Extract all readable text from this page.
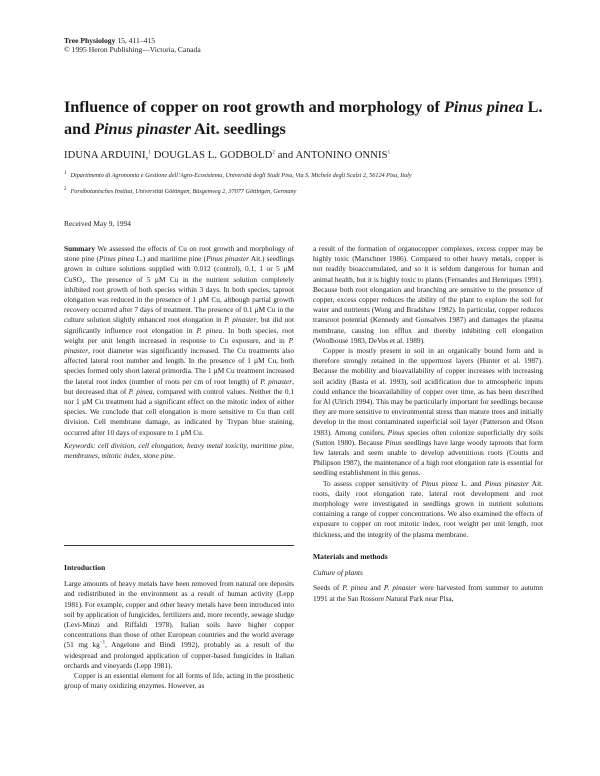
Tree Physiology 15, 411–415
© 1995 Heron Publishing—Victoria, Canada
Influence of copper on root growth and morphology of Pinus pinea L. and Pinus pinaster Ait. seedlings
IDUNA ARDUINI,$^1$ DOUGLAS L. GODBOLD$^2$ and ANTONINO ONNIS$^1$
$^1$ Dipartimento di Agronomia e Gestione dell’Agro-Ecosistema, Università degli Studi Pisa, Via S. Michele degli Scalzi 2, 56124 Pisa, Italy
$^2$ Forstbotanisches Institut, Universität Göttingen, Büsgenweg 2, 37077 Göttingen, Germany
Received May 9, 1994

Summary We assessed the effects of Cu on root growth and morphology of stone pine (Pinus pinea L.) and maritime pine (Pinus pinaster Ait.) seedlings grown in culture solutions supplied with 0.012 (control), 0.1, 1 or 5 µM CuSO₄. The presence of 5 µM Cu in the nutrient solution completely inhibited root growth of both species within 3 days. In both species, taproot elongation was reduced in the presence of 1 µM Cu, although partial growth recovery occurred after 7 days of treatment. The presence of 0.1 µM Cu in the culture solution slightly enhanced root elongation in P. pinaster, but did not significantly influence root elongation in P. pinea. In both species, root weight per unit length increased in response to Cu exposure, and in P. pinaster, root diameter was significantly increased. The Cu treatments also affected lateral root number and length. In the presence of 1 µM Cu, both species formed only short lateral primordia. The 1 µM Cu treatment increased the lateral root index (number of roots per cm of root length) of P. pinaster, but decreased that of P. pinea, compared with control values. Neither the 0.1 nor 1 µM Cu treatment had a significant effect on the mitotic index of either species. We conclude that cell elongation is more sensitive to Cu than cell division. Cell membrane damage, as indicated by Trypan blue staining, occurred after 10 days of exposure to 1 µM Cu.

Keywords: cell division, cell elongation, heavy metal toxicity, maritime pine, membranes, mitotic index, stone pine.

Introduction

Large amounts of heavy metals have been removed from natural ore deposits and redistributed in the environment as a result of human activity (Lepp 1981). For example, copper and other heavy metals have been introduced into soil by application of fungicides, fertilizers and, more recently, sewage sludge (Levi-Minzi and Riffaldi 1978). Italian soils have higher copper concentrations than those of other European countries and the world average (51 mg $kg^{-1}$, Angelone and Bindi 1992), probably as a result of the widespread and prolonged application of copper-based fungicides in Italian orchards and vineyards (Lepp 1981).

Copper is an essential element for all forms of life, acting in the prosthetic group of many oxidizing enzymes. However, as

a result of the formation of organocopper complexes, excess copper may be highly toxic (Marschner 1986). Compared to other heavy metals, copper is not readily bioaccumulated, and so it is seldom dangerous for human and animal health, but it is highly toxic to plants (Fernandes and Henriques 1991). Because both root elongation and branching are sensitive to the presence of copper, excess copper reduces the ability of the plant to explore the soil for water and nutrients (Wong and Bradshaw 1982). In particular, copper reduces transroot potential (Kennedy and Gonsalves 1987) and damages the plasma membrane, causing ion efflux and thereby inhibiting cell elongation (Woolhouse 1983, DeVos et al. 1989).

Copper is mostly present in soil in an organically bound form and is therefore strongly retained in the uppermost layers (Hunter et al. 1987). Because the mobility and bioavailability of copper increases with increasing soil acidity (Basta et al. 1993), soil acidification due to atmospheric inputs could enhance the bioavailability of copper over time, as has been described for Al (Ulrich 1994). This may be particularly important for seedlings because they are more sensitive to environmental stress than mature trees and initially develop in the most contaminated superficial soil layer (Patterson and Olson 1983). Among conifers, Pinus species often colonize superficially dry soils (Sutton 1980). Because Pinus seedlings have large woody taproots that form few laterals and seem unable to develop adventitious roots (Coutts and Philipson 1987), the maintenance of a high root elongation rate is essential for seedling establishment in this genus.

To assess copper sensitivity of Pinus pinea L. and Pinus pinaster Ait. roots, daily root elongation rate, lateral root development and root morphology were investigated in seedlings grown in nutrient solutions containing a range of copper concentrations. We also examined the effects of exposure to copper on root mitotic index, root weight per unit length, root thickness, and the integrity of the plasma membrane.

Materials and methods

Culture of plants

Seeds of P. pinea and P. pinaster were harvested from summer to autumn 1991 at the San Rossore Natural Park near Pisa,
